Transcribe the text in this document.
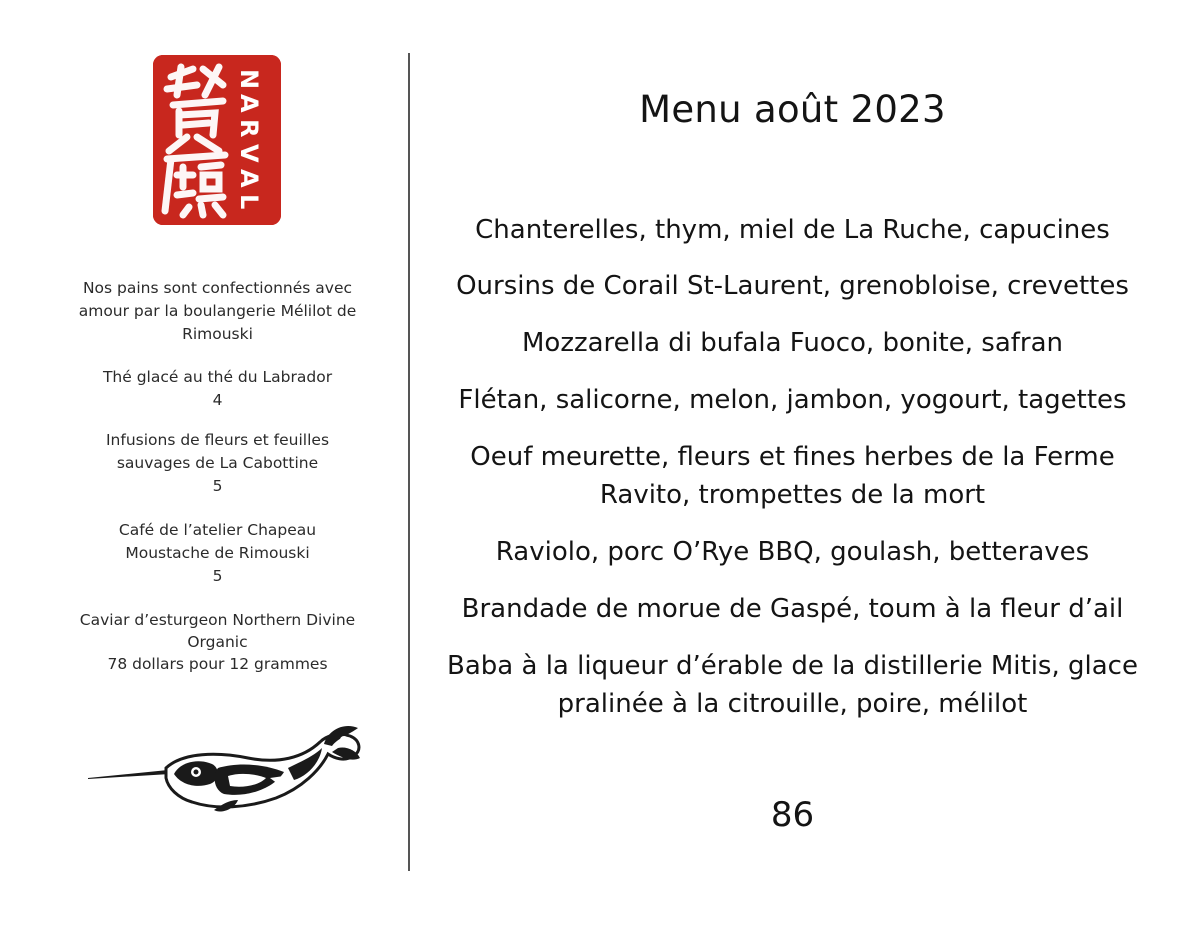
N
A
R
V
A
L
Nos pains sont confectionnés avec
amour par la boulangerie Mélilot de
Rimouski
Thé glacé au thé du Labrador
4
Infusions de fleurs et feuilles
sauvages de La Cabottine
5
Café de l’atelier Chapeau
Moustache de Rimouski
5
Caviar d’esturgeon Northern Divine
Organic
78 dollars pour 12 grammes
Menu août 2023
Chanterelles, thym, miel de La Ruche, capucines
Oursins de Corail St-Laurent, grenobloise, crevettes
Mozzarella di bufala Fuoco, bonite, safran
Flétan, salicorne, melon, jambon, yogourt, tagettes
Oeuf meurette, fleurs et fines herbes de la Ferme
Ravito, trompettes de la mort
Raviolo, porc O’Rye BBQ, goulash, betteraves
Brandade de morue de Gaspé, toum à la fleur d’ail
Baba à la liqueur d’érable de la distillerie Mitis, glace
pralinée à la citrouille, poire, mélilot
86
